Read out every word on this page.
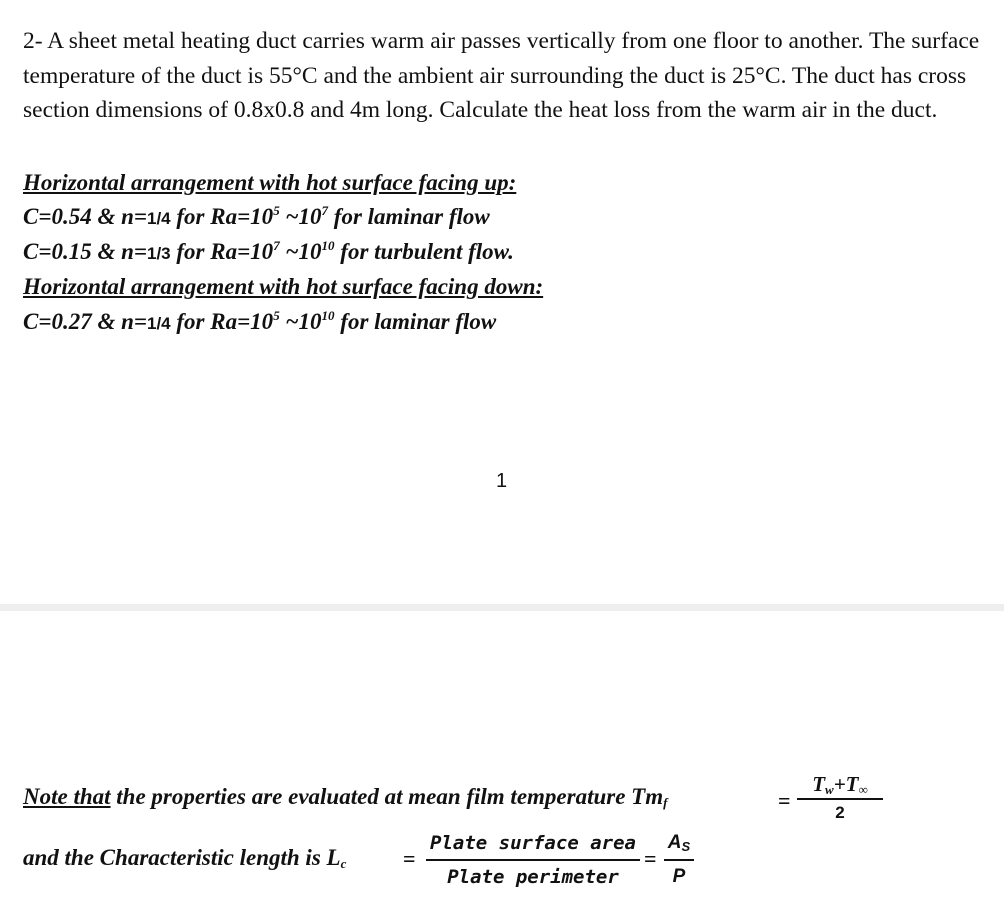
2- A sheet metal heating duct carries warm air passes vertically from one floor to another. The surface temperature of the duct is 55°C and the ambient air surrounding the duct is 25°C. The duct has cross section dimensions of 0.8x0.8 and 4m long. Calculate the heat loss from the warm air in the duct.

Horizontal arrangement with hot surface facing up:
C=0.54 & n=1/4 for $Ra=10^5$ $\sim 10^7$ for laminar flow
C=0.15 & n=1/3 for $Ra=10^7$ $\sim 10^{10}$ for turbulent flow.
Horizontal arrangement with hot surface facing down:
C=0.27 & n=1/4 for $Ra=10^5$ $\sim 10^{10}$ for laminar flow
1
Note that the properties are evaluated at mean film temperature $Tm_f$	=
$T_w+T_\infty$
2
and the Characteristic length is $L_c$	=
Plate surface area
Plate perimeter
=
$A_S$
P
